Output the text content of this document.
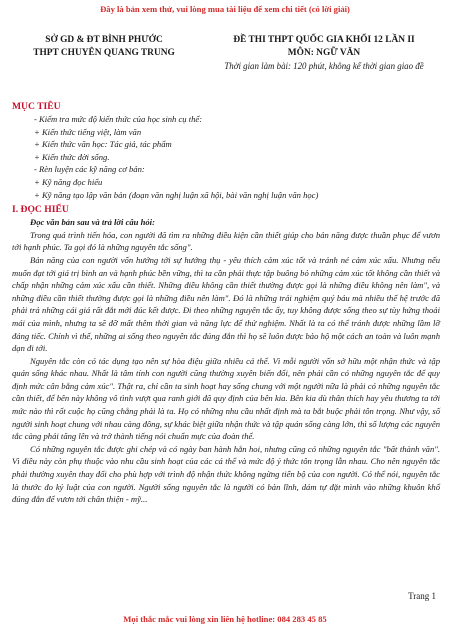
Đây là bản xem thử, vui lòng mua tài liệu để xem chi tiết (có lời giải)
SỞ GD & ĐT BÌNH PHƯỚC
THPT CHUYÊN QUANG TRUNG
ĐỀ THI THPT QUỐC GIA KHỐI 12 LẦN II
MÔN: NGỮ VĂN
Thời gian làm bài: 120 phút, không kể thời gian giao đề
MỤC TIÊU
- Kiểm tra mức độ kiến thức của học sinh cụ thể:
+ Kiến thức tiếng việt, làm văn
+ Kiến thức văn học: Tác giả, tác phẩm
+ Kiến thức đời sống.
- Rèn luyện các kỹ năng cơ bản:
+ Kỹ năng đọc hiểu
+ Kỹ năng tạo lập văn bản (đoạn văn nghị luận xã hội, bài văn nghị luận văn học)
I. ĐỌC HIỂU
Đọc văn bản sau và trả lời câu hỏi:
Trong quá trình tiến hóa, con người đã tìm ra những điều kiện cần thiết giúp cho bản năng được thuần phục để vươn tới hạnh phúc. Ta gọi đó là những nguyên tắc sống".
Bản năng của con người vốn hướng tới sự hướng thụ - yêu thích cảm xúc tốt và tránh né cảm xúc xấu. Nhưng nếu muốn đạt tới giá trị bình an và hạnh phúc bền vững, thì ta cần phải thực tập buông bỏ những cảm xúc tốt không cần thiết và chấp nhận những cảm xúc xấu cần thiết. Những điều không cần thiết thường được gọi là những điều không nên làm", và những điều cần thiết thường được gọi là những điều nên làm". Đó là những trải nghiệm quý báu mà nhiều thế hệ trước đã phải trả những cái giá rất đắt mới đúc kết được. Đi theo những nguyên tắc ấy, tuy không được sống theo sự tùy hứng thoải mái của mình, nhưng ta sẽ đỡ mất thêm thời gian và năng lực để thử nghiệm. Nhất là ta có thể tránh được những lầm lỡ đáng tiếc. Chính vì thế, những ai sống theo nguyên tắc đúng đắn thì họ sẽ luôn được bảo hộ một cách an toàn và luôn mạnh dạn đi tới.
Nguyên tắc còn có tác dụng tạo nên sự hòa điệu giữa nhiều cá thể. Vì mỗi người vốn sở hữu một nhận thức và tập quán sống khác nhau. Nhất là tâm tính con người cũng thường xuyên biến đổi, nên phải cần có những nguyên tắc để quy định mức cân bằng cảm xúc". Thật ra, chỉ cần ta sinh hoạt hay sống chung với một người nữa là phải có những nguyên tắc cần thiết, để bên này không vô tình vượt qua ranh giới đã quy định của bên kia. Bên kia dù thân thích hay yêu thương ta tới mức nào thì rốt cuộc họ cũng chẳng phải là ta. Họ có những nhu cầu nhất định mà ta bắt buộc phải tôn trọng. Như vậy, số người sinh hoạt chung với nhau càng đông, sự khác biệt giữa nhận thức và tập quán sống càng lớn, thì số lượng các nguyên tắc càng phải tăng lên và trở thành tiếng nói chuẩn mực của đoàn thể.
Có những nguyên tắc được ghi chép và có ngày ban hành hẳn hoi, nhưng cũng có những nguyên tắc "bất thành văn". Vì điều này còn phụ thuộc vào nhu cầu sinh hoạt của các cá thể và mức độ ý thức tôn trọng lẫn nhau. Cho nên nguyên tắc phải thường xuyên thay đổi cho phù hợp với trình độ nhận thức không ngừng tiến bộ của con người. Có thể nói, nguyên tắc là thước đo kỷ luật của con người. Người sống nguyên tắc là người có bản lĩnh, dám tự đặt mình vào những khuôn khổ đúng đắn để vươn tới chân thiện - mỹ...
Trang 1
Mọi thắc mắc vui lòng xin liên hệ hotline: 084 283 45 85
